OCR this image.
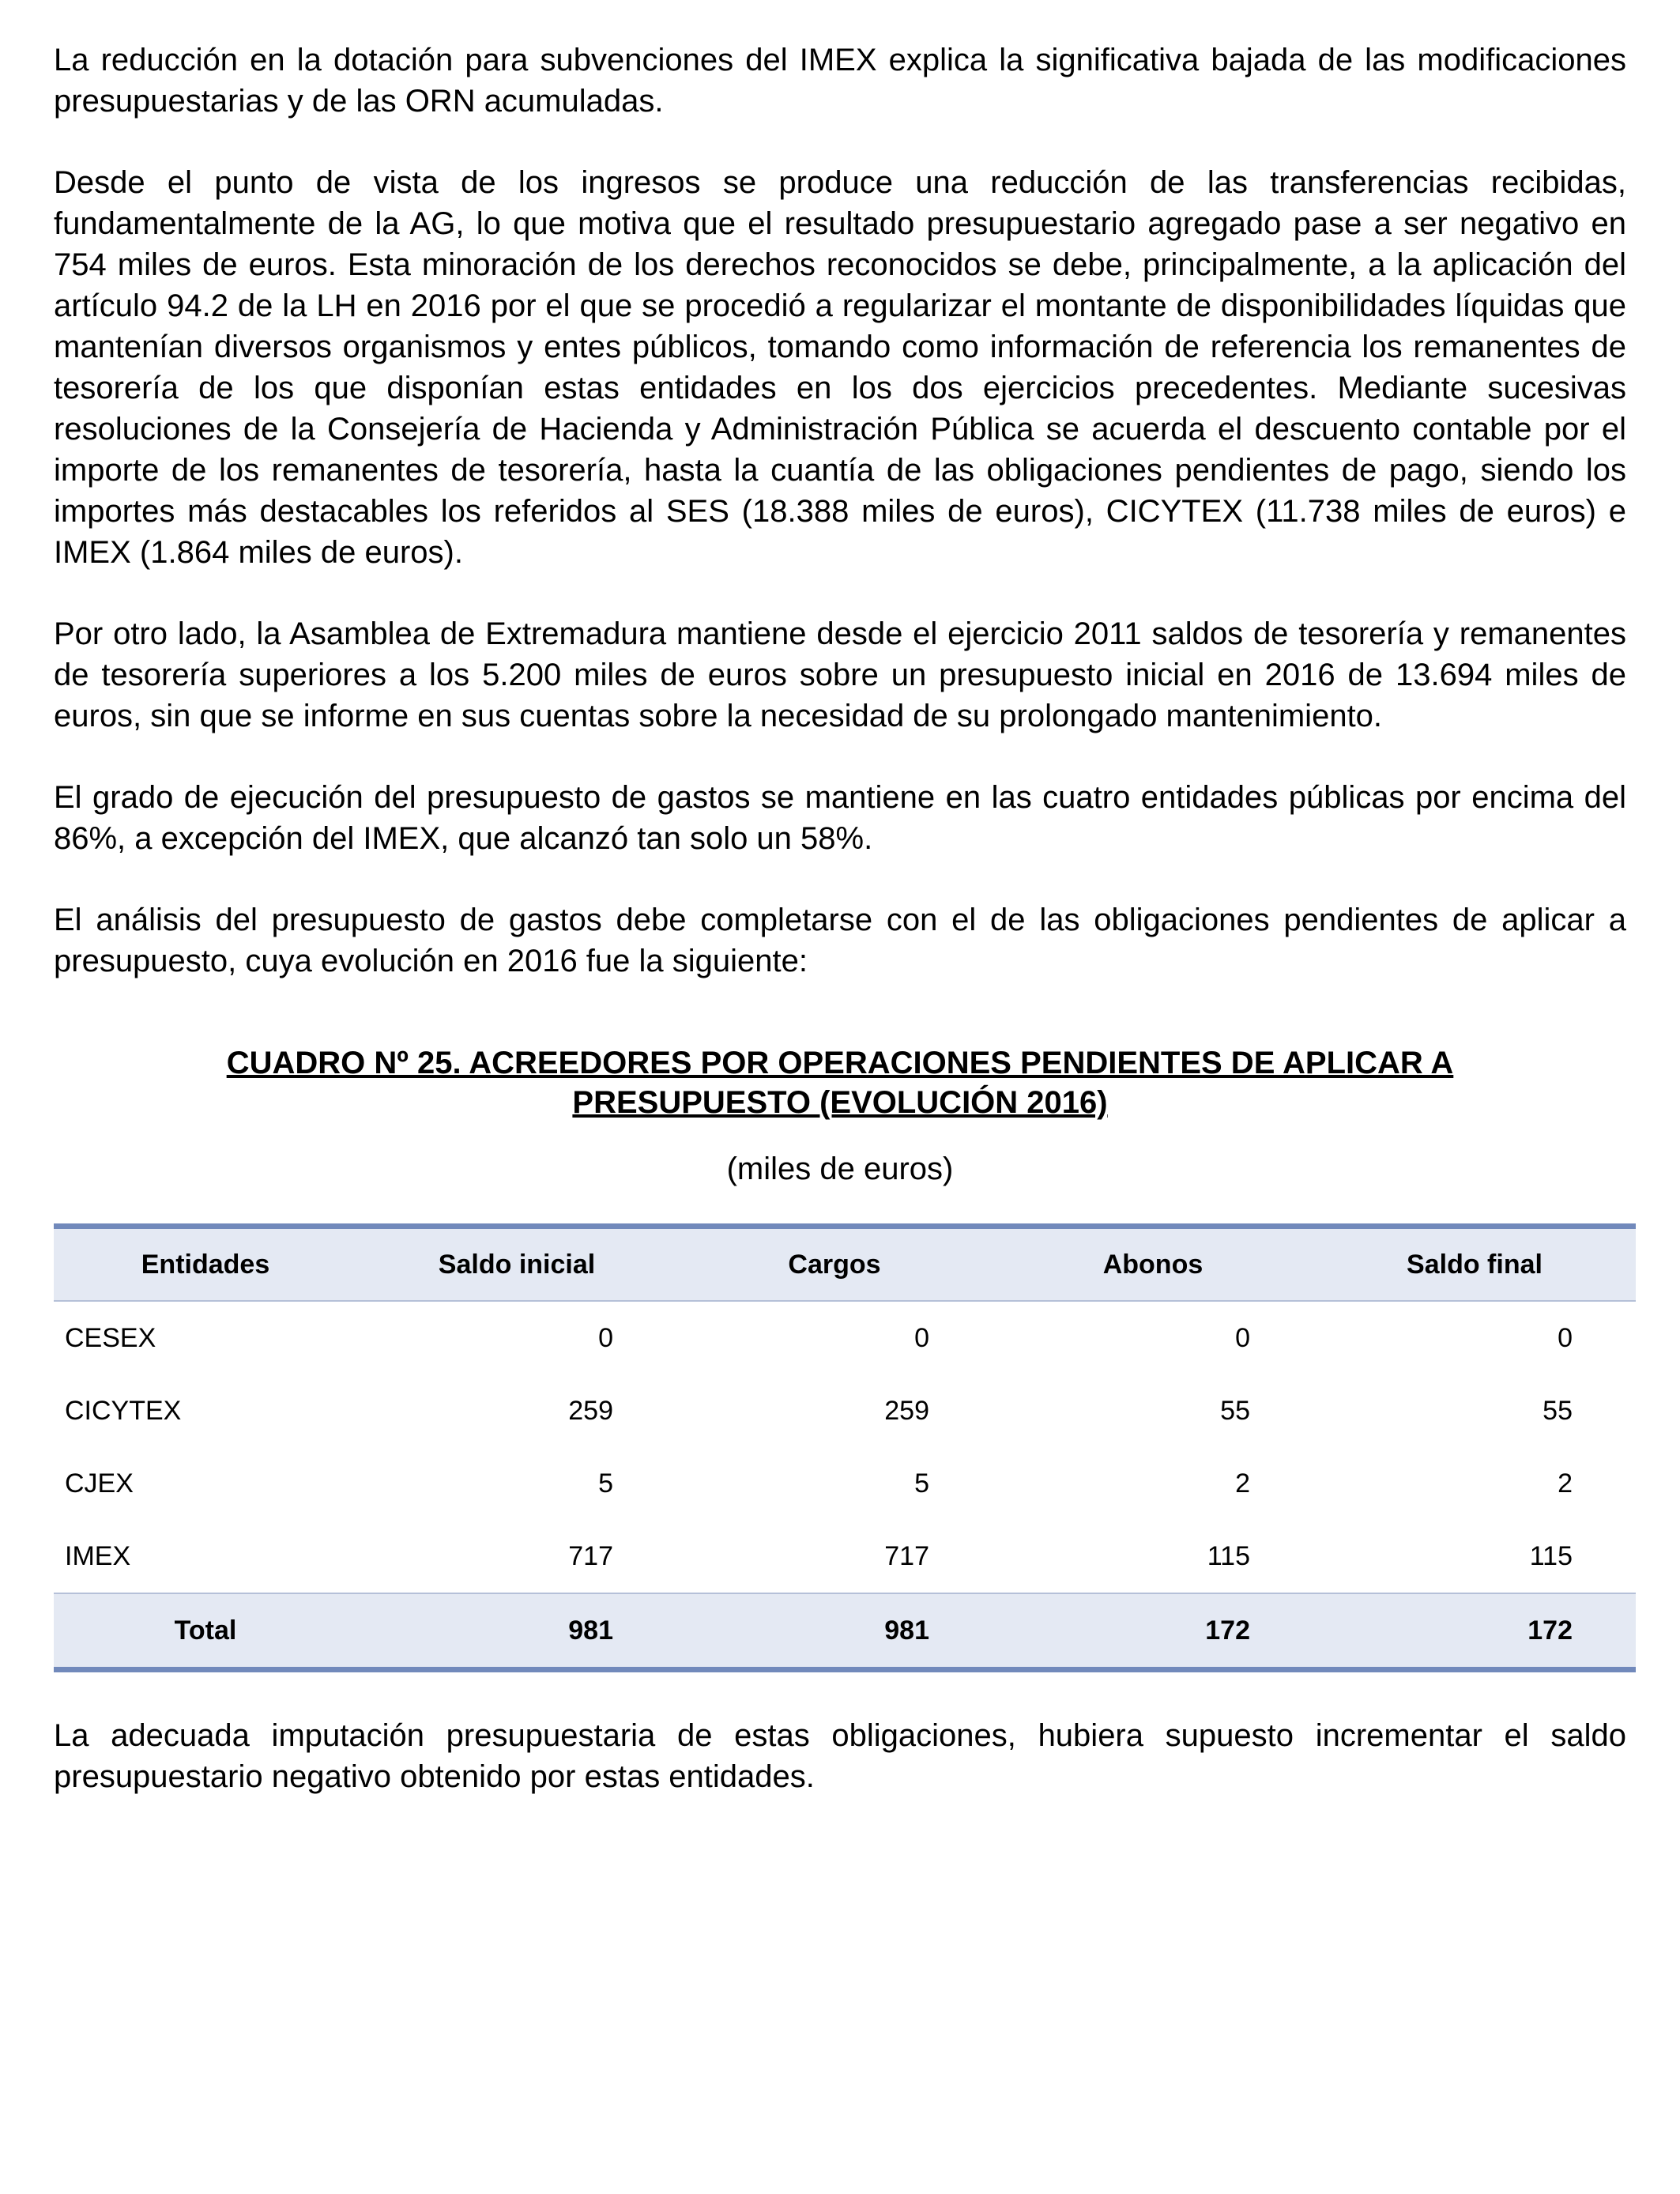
La reducción en la dotación para subvenciones del IMEX explica la significativa bajada de las modificaciones presupuestarias y de las ORN acumuladas.

Desde el punto de vista de los ingresos se produce una reducción de las transferencias recibidas, fundamentalmente de la AG, lo que motiva que el resultado presupuestario agregado pase a ser negativo en 754 miles de euros. Esta minoración de los derechos reconocidos se debe, principalmente, a la aplicación del artículo 94.2 de la LH en 2016 por el que se procedió a regularizar el montante de disponibilidades líquidas que mantenían diversos organismos y entes públicos, tomando como información de referencia los remanentes de tesorería de los que disponían estas entidades en los dos ejercicios precedentes. Mediante sucesivas resoluciones de la Consejería de Hacienda y Administración Pública se acuerda el descuento contable por el importe de los remanentes de tesorería, hasta la cuantía de las obligaciones pendientes de pago, siendo los importes más destacables los referidos al SES (18.388 miles de euros), CICYTEX (11.738 miles de euros) e IMEX (1.864 miles de euros).

Por otro lado, la Asamblea de Extremadura mantiene desde el ejercicio 2011 saldos de tesorería y remanentes de tesorería superiores a los 5.200 miles de euros sobre un presupuesto inicial en 2016 de 13.694 miles de euros, sin que se informe en sus cuentas sobre la necesidad de su prolongado mantenimiento.

El grado de ejecución del presupuesto de gastos se mantiene en las cuatro entidades públicas por encima del 86%, a excepción del IMEX, que alcanzó tan solo un 58%.

El análisis del presupuesto de gastos debe completarse con el de las obligaciones pendientes de aplicar a presupuesto, cuya evolución en 2016 fue la siguiente:

CUADRO Nº 25. ACREEDORES POR OPERACIONES PENDIENTES DE APLICAR A
PRESUPUESTO (EVOLUCIÓN 2016)
(miles de euros)
Entidades	Saldo inicial	Cargos	Abonos	Saldo final
CESEX	0	0	0	0
CICYTEX	259	259	55	55
CJEX	5	5	2	2
IMEX	717	717	115	115
Total	981	981	172	172

La adecuada imputación presupuestaria de estas obligaciones, hubiera supuesto incrementar el saldo presupuestario negativo obtenido por estas entidades.
